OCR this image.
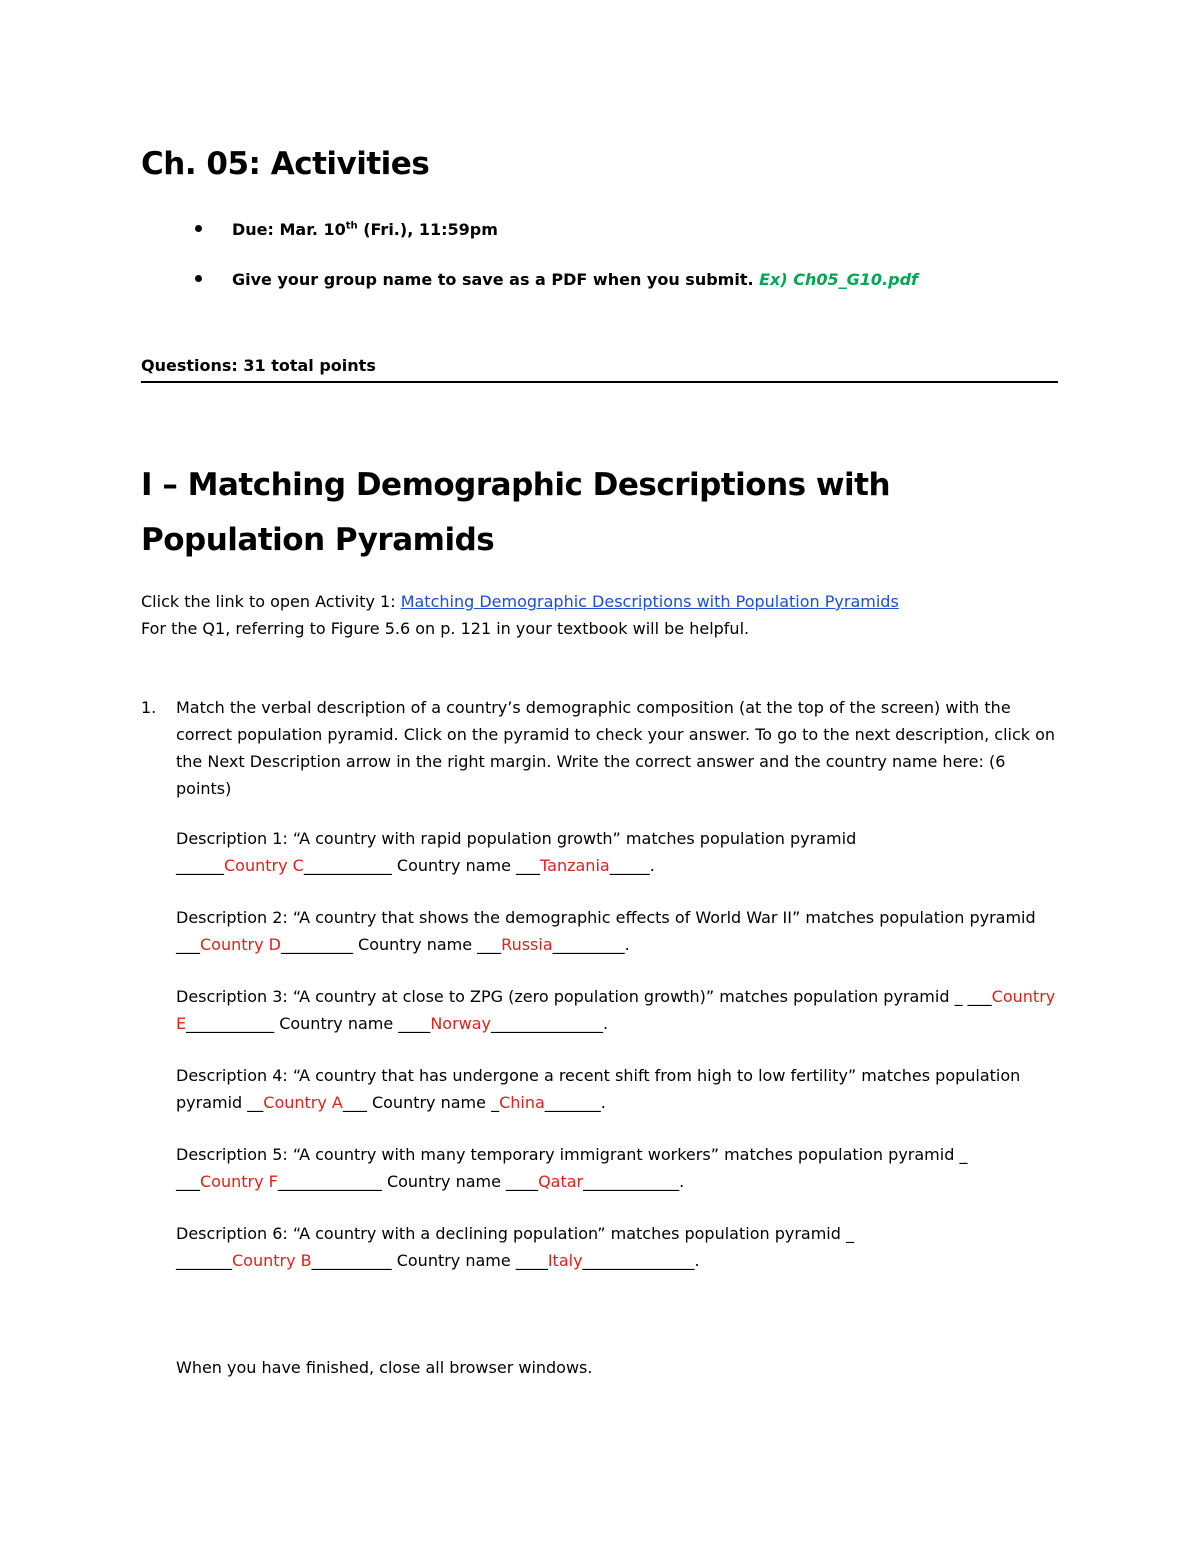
Ch. 05: Activities
Due: Mar. 10th (Fri.), 11:59pm
Give your group name to save as a PDF when you submit. Ex) Ch05_G10.pdf
Questions: 31 total points
I – Matching Demographic Descriptions with Population Pyramids
Click the link to open Activity 1: Matching Demographic Descriptions with Population Pyramids
For the Q1, referring to Figure 5.6 on p. 121 in your textbook will be helpful.
1. Match the verbal description of a country’s demographic composition (at the top of the screen) with the correct population pyramid. Click on the pyramid to check your answer. To go to the next description, click on the Next Description arrow in the right margin. Write the correct answer and the country name here: (6 points)
Description 1: “A country with rapid population growth” matches population pyramid
______Country C___________ Country name ___Tanzania_____.
Description 2: “A country that shows the demographic effects of World War II” matches population pyramid ___Country D_________ Country name ___Russia_________.
Description 3: “A country at close to ZPG (zero population growth)” matches population pyramid _ ___Country E___________ Country name ____Norway______________.
Description 4: “A country that has undergone a recent shift from high to low fertility” matches population pyramid __Country A___ Country name _China_______.
Description 5: “A country with many temporary immigrant workers” matches population pyramid _ ___Country F_____________ Country name ____Qatar____________.
Description 6: “A country with a declining population” matches population pyramid _
_______Country B__________ Country name ____Italy______________.
When you have finished, close all browser windows.
